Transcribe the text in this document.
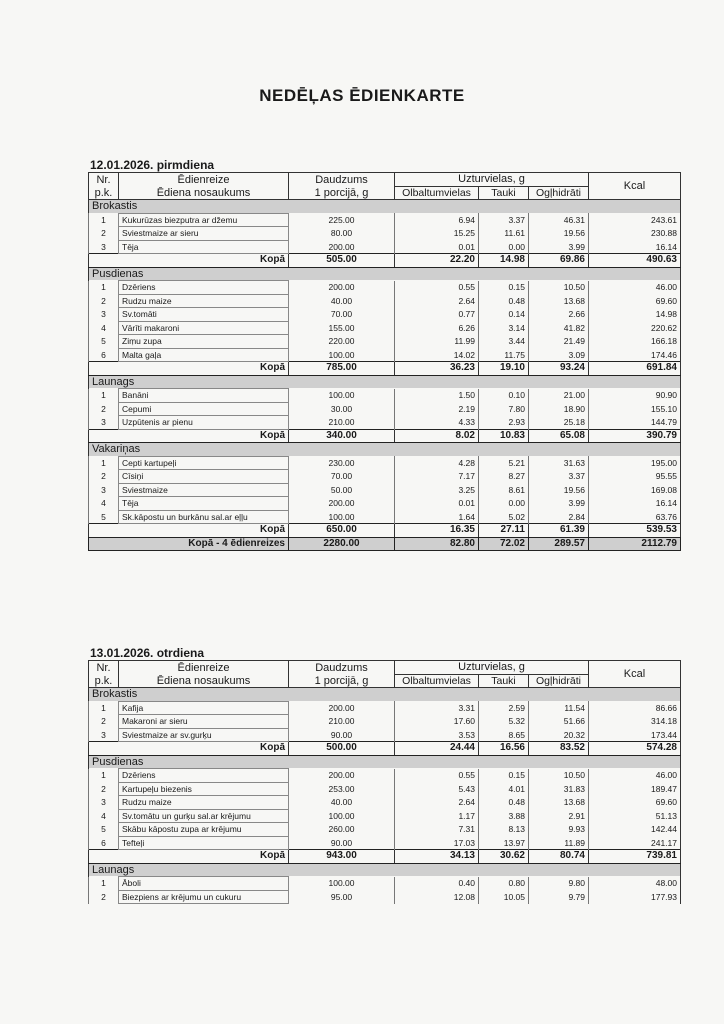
NEDĒĻAS ĒDIENKARTE
12.01.2026. pirmdiena
Nr.	Ēdienreize	Daudzums	Uzturvielas, g			Kcal
p.k.	Ēdiena nosaukums	1 porcijā, g	Olbaltumvielas	Tauki	Ogļhidrāti	
Brokastis						
1	Kukurūzas biezputra ar džemu	225.00	6.94	3.37	46.31	243.61
2	Sviestmaize ar sieru	80.00	15.25	11.61	19.56	230.88
3	Tēja	200.00	0.01	0.00	3.99	16.14
Kopā		505.00	22.20	14.98	69.86	490.63
Pusdienas						
1	Dzēriens	200.00	0.55	0.15	10.50	46.00
2	Rudzu maize	40.00	2.64	0.48	13.68	69.60
3	Sv.tomāti	70.00	0.77	0.14	2.66	14.98
4	Vārīti makaroni	155.00	6.26	3.14	41.82	220.62
5	Ziṃu zupa	220.00	11.99	3.44	21.49	166.18
6	Malta gaļa	100.00	14.02	11.75	3.09	174.46
Kopā		785.00	36.23	19.10	93.24	691.84
Launags						
1	Banāni	100.00	1.50	0.10	21.00	90.90
2	Cepumi	30.00	2.19	7.80	18.90	155.10
3	Uzpūtenis ar pienu	210.00	4.33	2.93	25.18	144.79
Kopā		340.00	8.02	10.83	65.08	390.79
Vakariņas						
1	Cepti kartupeļi	230.00	4.28	5.21	31.63	195.00
2	Cīsiņi	70.00	7.17	8.27	3.37	95.55
3	Sviestmaize	50.00	3.25	8.61	19.56	169.08
4	Tēja	200.00	0.01	0.00	3.99	16.14
5	Sk.kāpostu un burkānu sal.ar eļļu	100.00	1.64	5.02	2.84	63.76
Kopā		650.00	16.35	27.11	61.39	539.53
Kopā - 4 ēdienreizes		2280.00	82.80	72.02	289.57	2112.79
13.01.2026. otrdiena
Nr.	Ēdienreize	Daudzums	Uzturvielas, g			Kcal
p.k.	Ēdiena nosaukums	1 porcijā, g	Olbaltumvielas	Tauki	Ogļhidrāti	
Brokastis						
1	Kafija	200.00	3.31	2.59	11.54	86.66
2	Makaroni ar sieru	210.00	17.60	5.32	51.66	314.18
3	Sviestmaize ar sv.gurķu	90.00	3.53	8.65	20.32	173.44
Kopā		500.00	24.44	16.56	83.52	574.28
Pusdienas						
1	Dzēriens	200.00	0.55	0.15	10.50	46.00
2	Kartupeļu biezenis	253.00	5.43	4.01	31.83	189.47
3	Rudzu maize	40.00	2.64	0.48	13.68	69.60
4	Sv.tomātu un gurķu sal.ar krējumu	100.00	1.17	3.88	2.91	51.13
5	Skābu kāpostu zupa ar krējumu	260.00	7.31	8.13	9.93	142.44
6	Tefteļi	90.00	17.03	13.97	11.89	241.17
Kopā		943.00	34.13	30.62	80.74	739.81
Launags						
1	Āboli	100.00	0.40	0.80	9.80	48.00
2	Biezpiens ar krējumu un cukuru	95.00	12.08	10.05	9.79	177.93
